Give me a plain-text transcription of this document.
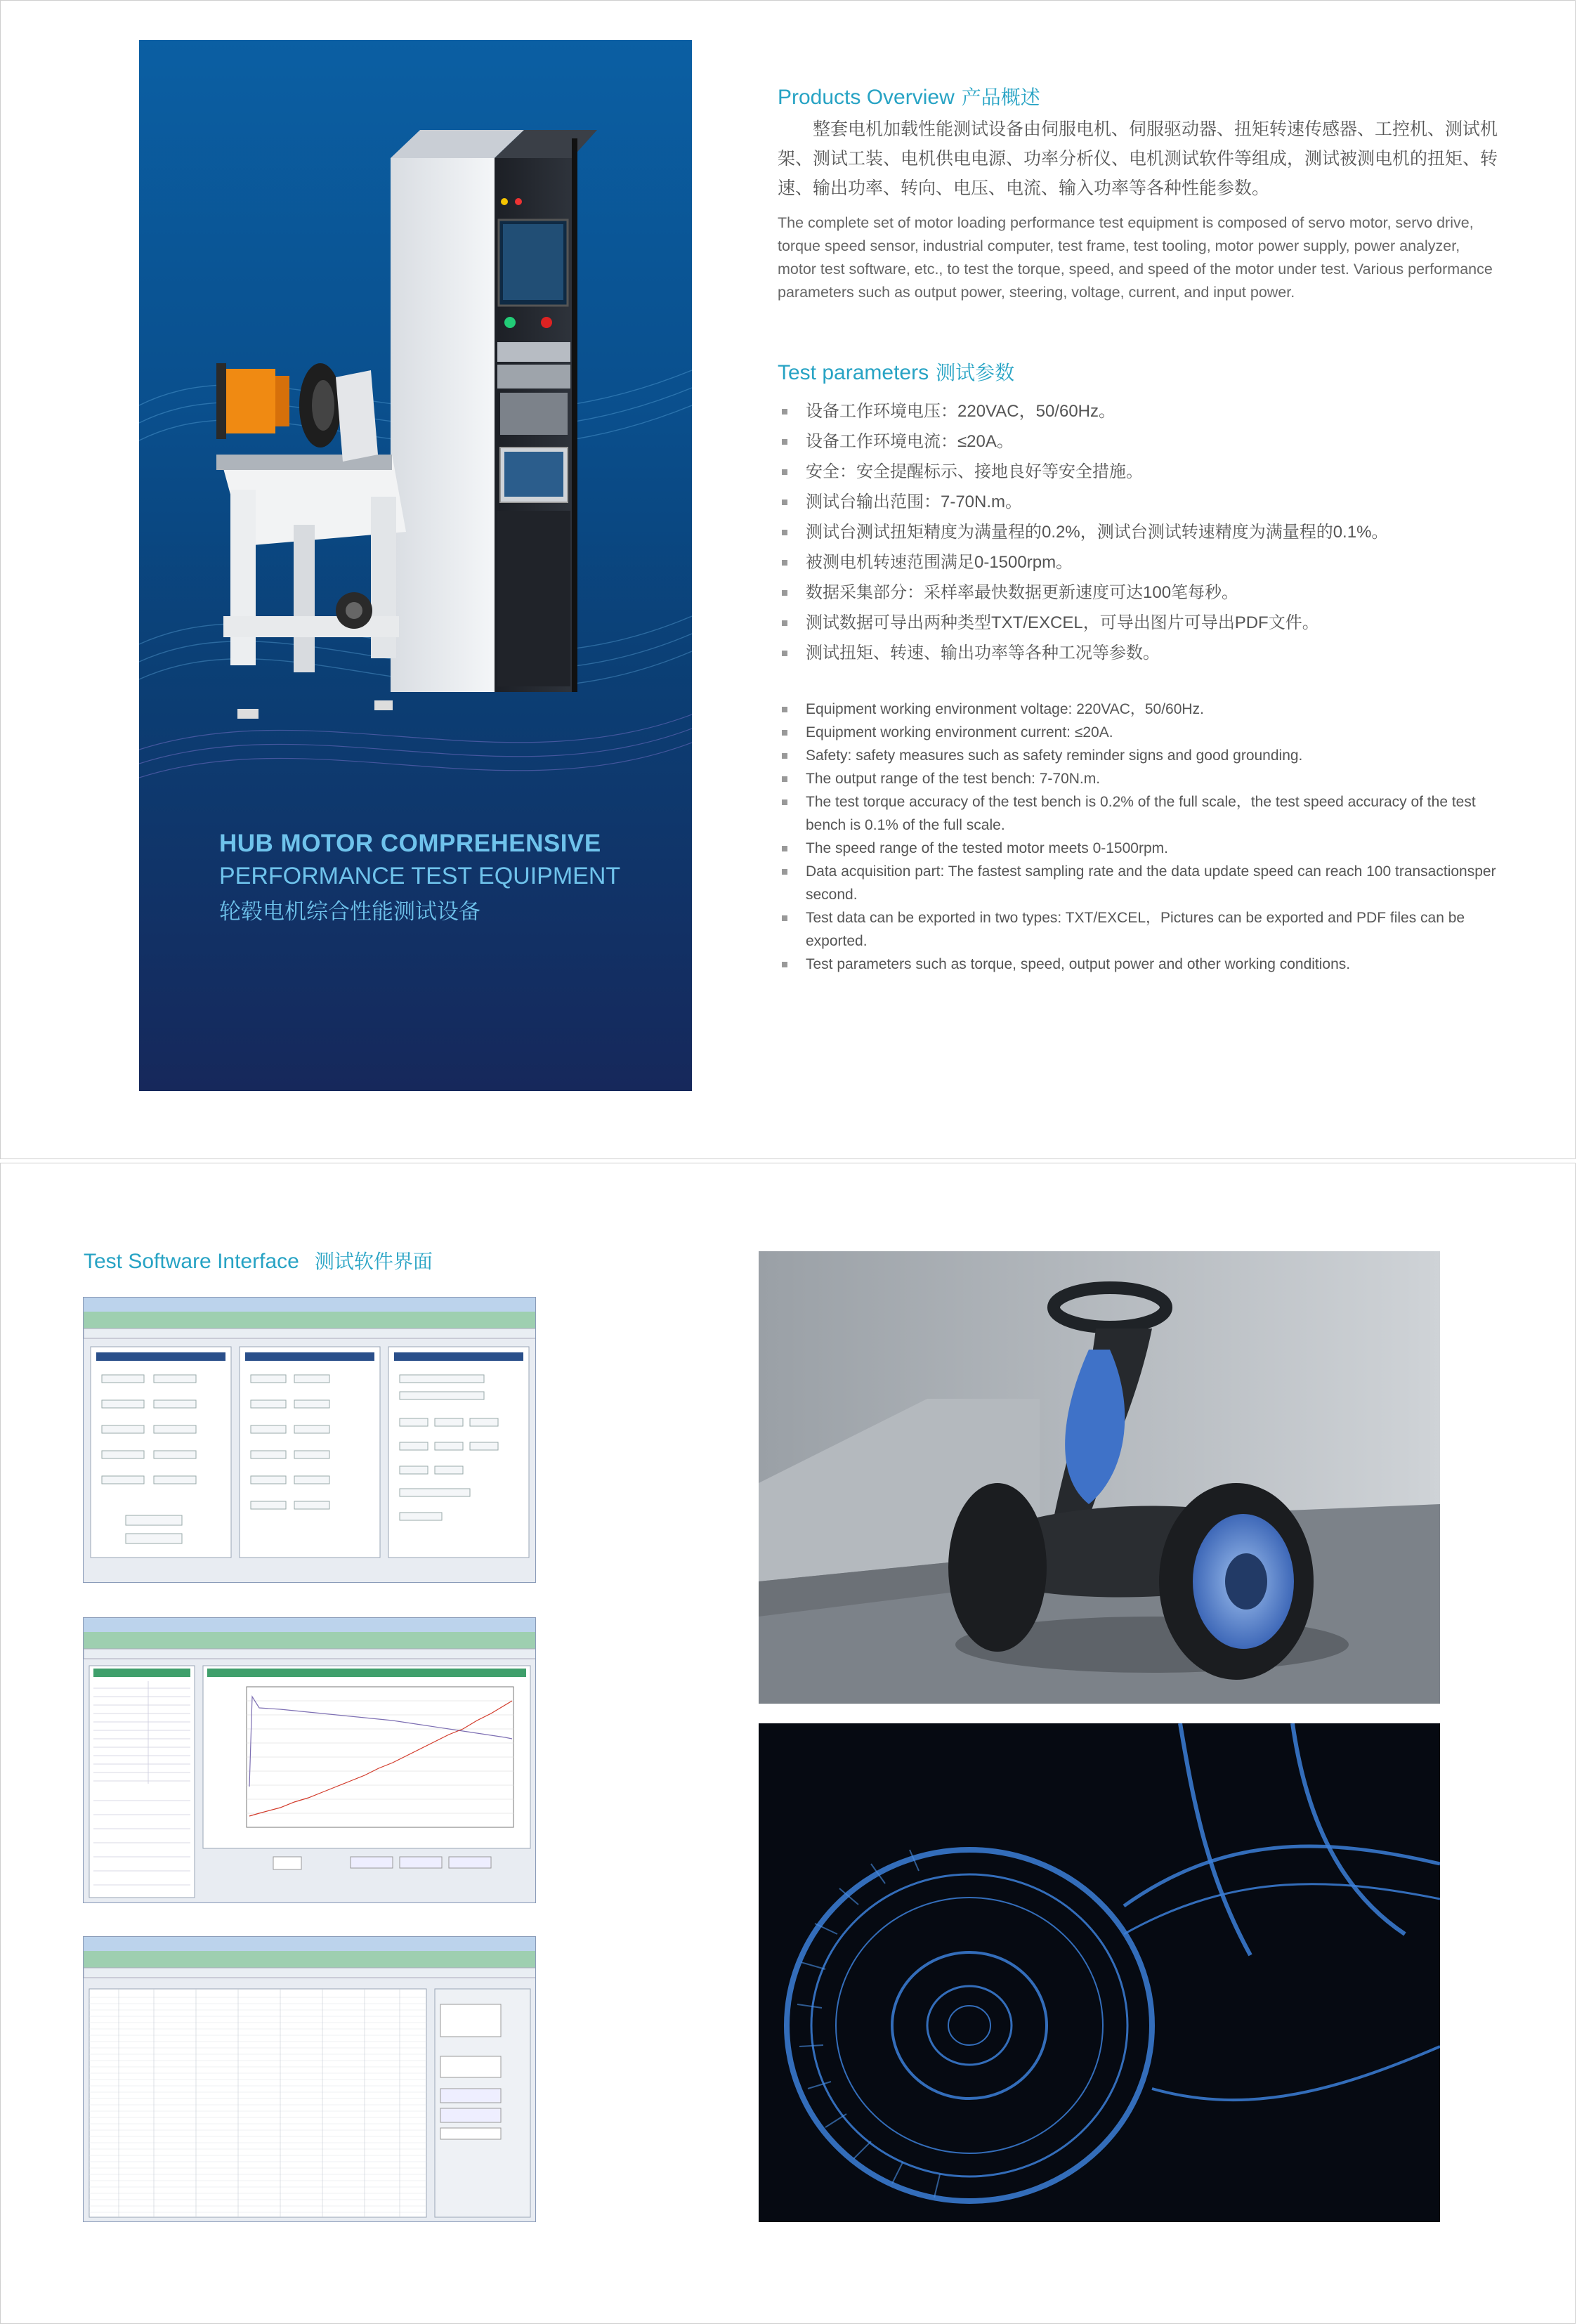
HUB MOTOR COMPREHENSIVE
PERFORMANCE TEST EQUIPMENT
轮毂电机综合性能测试设备
Products Overview 产品概述
整套电机加载性能测试设备由伺服电机、伺服驱动器、扭矩转速传感器、工控机、测试机架、测试工装、电机供电电源、功率分析仪、电机测试软件等组成，测试被测电机的扭矩、转速、输出功率、转向、电压、电流、输入功率等各种性能参数。
The complete set of motor loading performance test equipment is composed of servo motor, servo drive, torque speed sensor, industrial computer, test frame, test tooling, motor power supply, power analyzer, motor test software, etc., to test the torque, speed, and speed of the motor under test. Various performance parameters such as output power, steering, voltage, current, and input power.
Test parameters 测试参数
设备工作环境电压：220VAC，50/60Hz。
设备工作环境电流：≤20A。
安全：安全提醒标示、接地良好等安全措施。
测试台输出范围：7-70N.m。
测试台测试扭矩精度为满量程的0.2%，测试台测试转速精度为满量程的0.1%。
被测电机转速范围满足0-1500rpm。
数据采集部分：采样率最快数据更新速度可达100笔每秒。
测试数据可导出两种类型TXT/EXCEL，可导出图片可导出PDF文件。
测试扭矩、转速、输出功率等各种工况等参数。
Equipment working environment voltage: 220VAC，50/60Hz.
Equipment working environment current: ≤20A.
Safety: safety measures such as safety reminder signs and good grounding.
The output range of the test bench: 7-70N.m.
The test torque accuracy of the test bench is 0.2% of the full scale，the test speed accuracy of the test bench is 0.1% of the full scale.
The speed range of the tested motor meets 0-1500rpm.
Data acquisition part: The fastest sampling rate and the data update speed can reach 100 transactionsper second.
Test data can be exported in two types: TXT/EXCEL，Pictures can be exported and PDF files can be exported.
Test parameters such as torque, speed, output power and other working conditions.
Test Software Interface 测试软件界面
